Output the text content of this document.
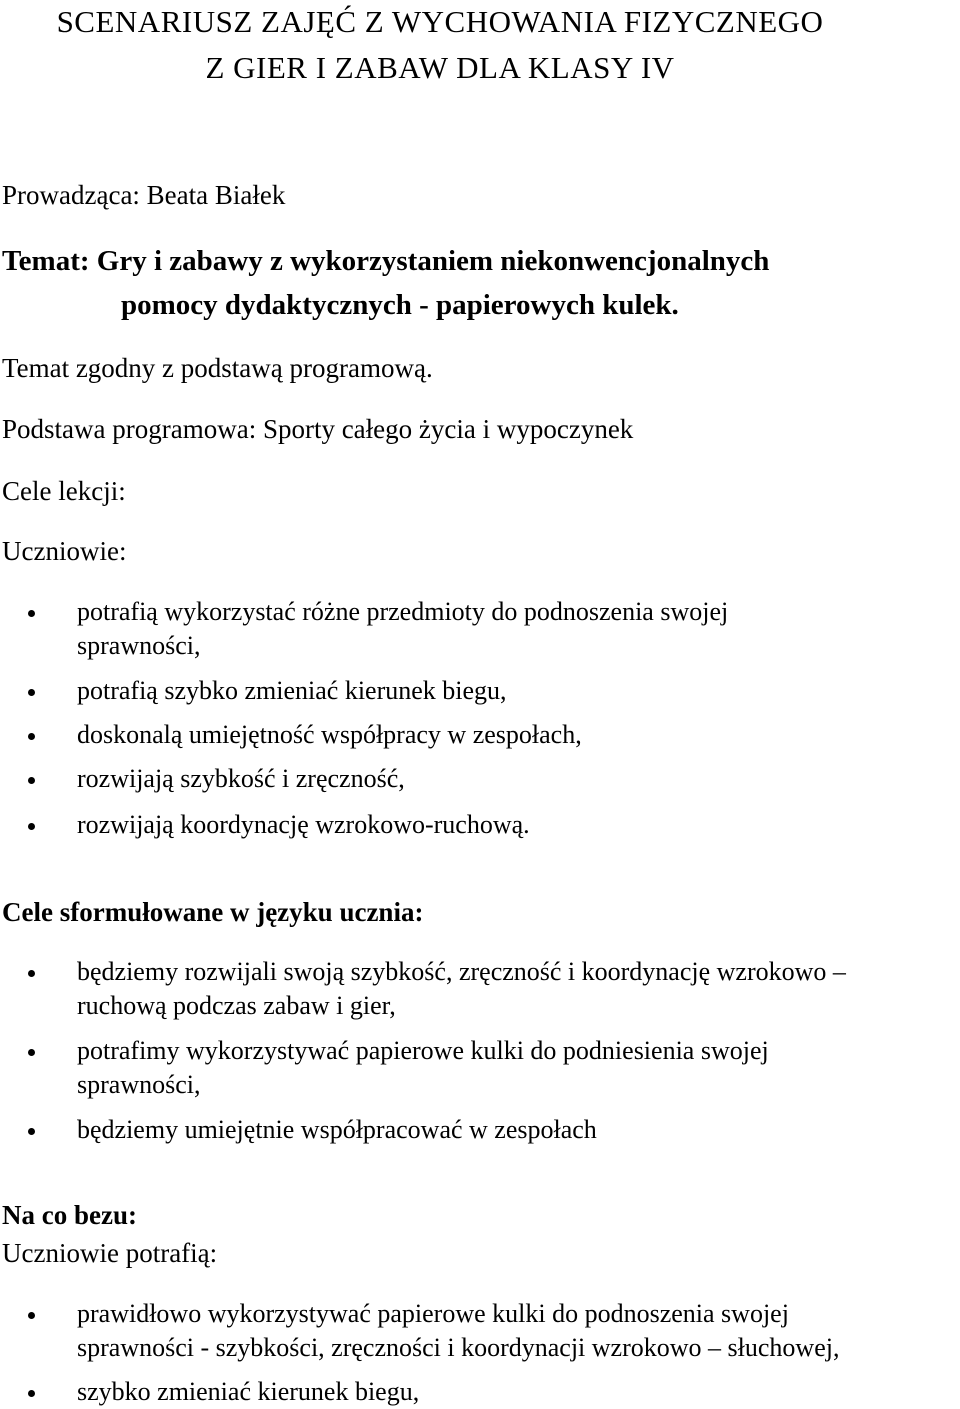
SCENARIUSZ ZAJĘĆ Z WYCHOWANIA FIZYCZNEGO
Z GIER I ZABAW DLA KLASY IV

Prowadząca: Beata Białek

Temat: Gry i zabawy z wykorzystaniem niekonwencjonalnych

pomocy dydaktycznych - papierowych kulek.

Temat zgodny z podstawą programową.

Podstawa programowa: Sporty całego życia i wypoczynek

Cele lekcji:

Uczniowie:

potrafią wykorzystać różne przedmioty do podnoszenia swojej
sprawności,
potrafią szybko zmieniać kierunek biegu,
doskonalą umiejętność współpracy w zespołach,
rozwijają szybkość i zręczność,
rozwijają koordynację wzrokowo-ruchową.

Cele sformułowane w języku ucznia:

będziemy rozwijali swoją szybkość, zręczność i koordynację wzrokowo –
ruchową podczas zabaw i gier,
potrafimy wykorzystywać papierowe kulki do podniesienia swojej
sprawności,
będziemy umiejętnie współpracować w zespołach

Na co bezu:

Uczniowie potrafią:

prawidłowo wykorzystywać papierowe kulki do podnoszenia swojej
sprawności - szybkości, zręczności i koordynacji wzrokowo – słuchowej,
szybko zmieniać kierunek biegu,
